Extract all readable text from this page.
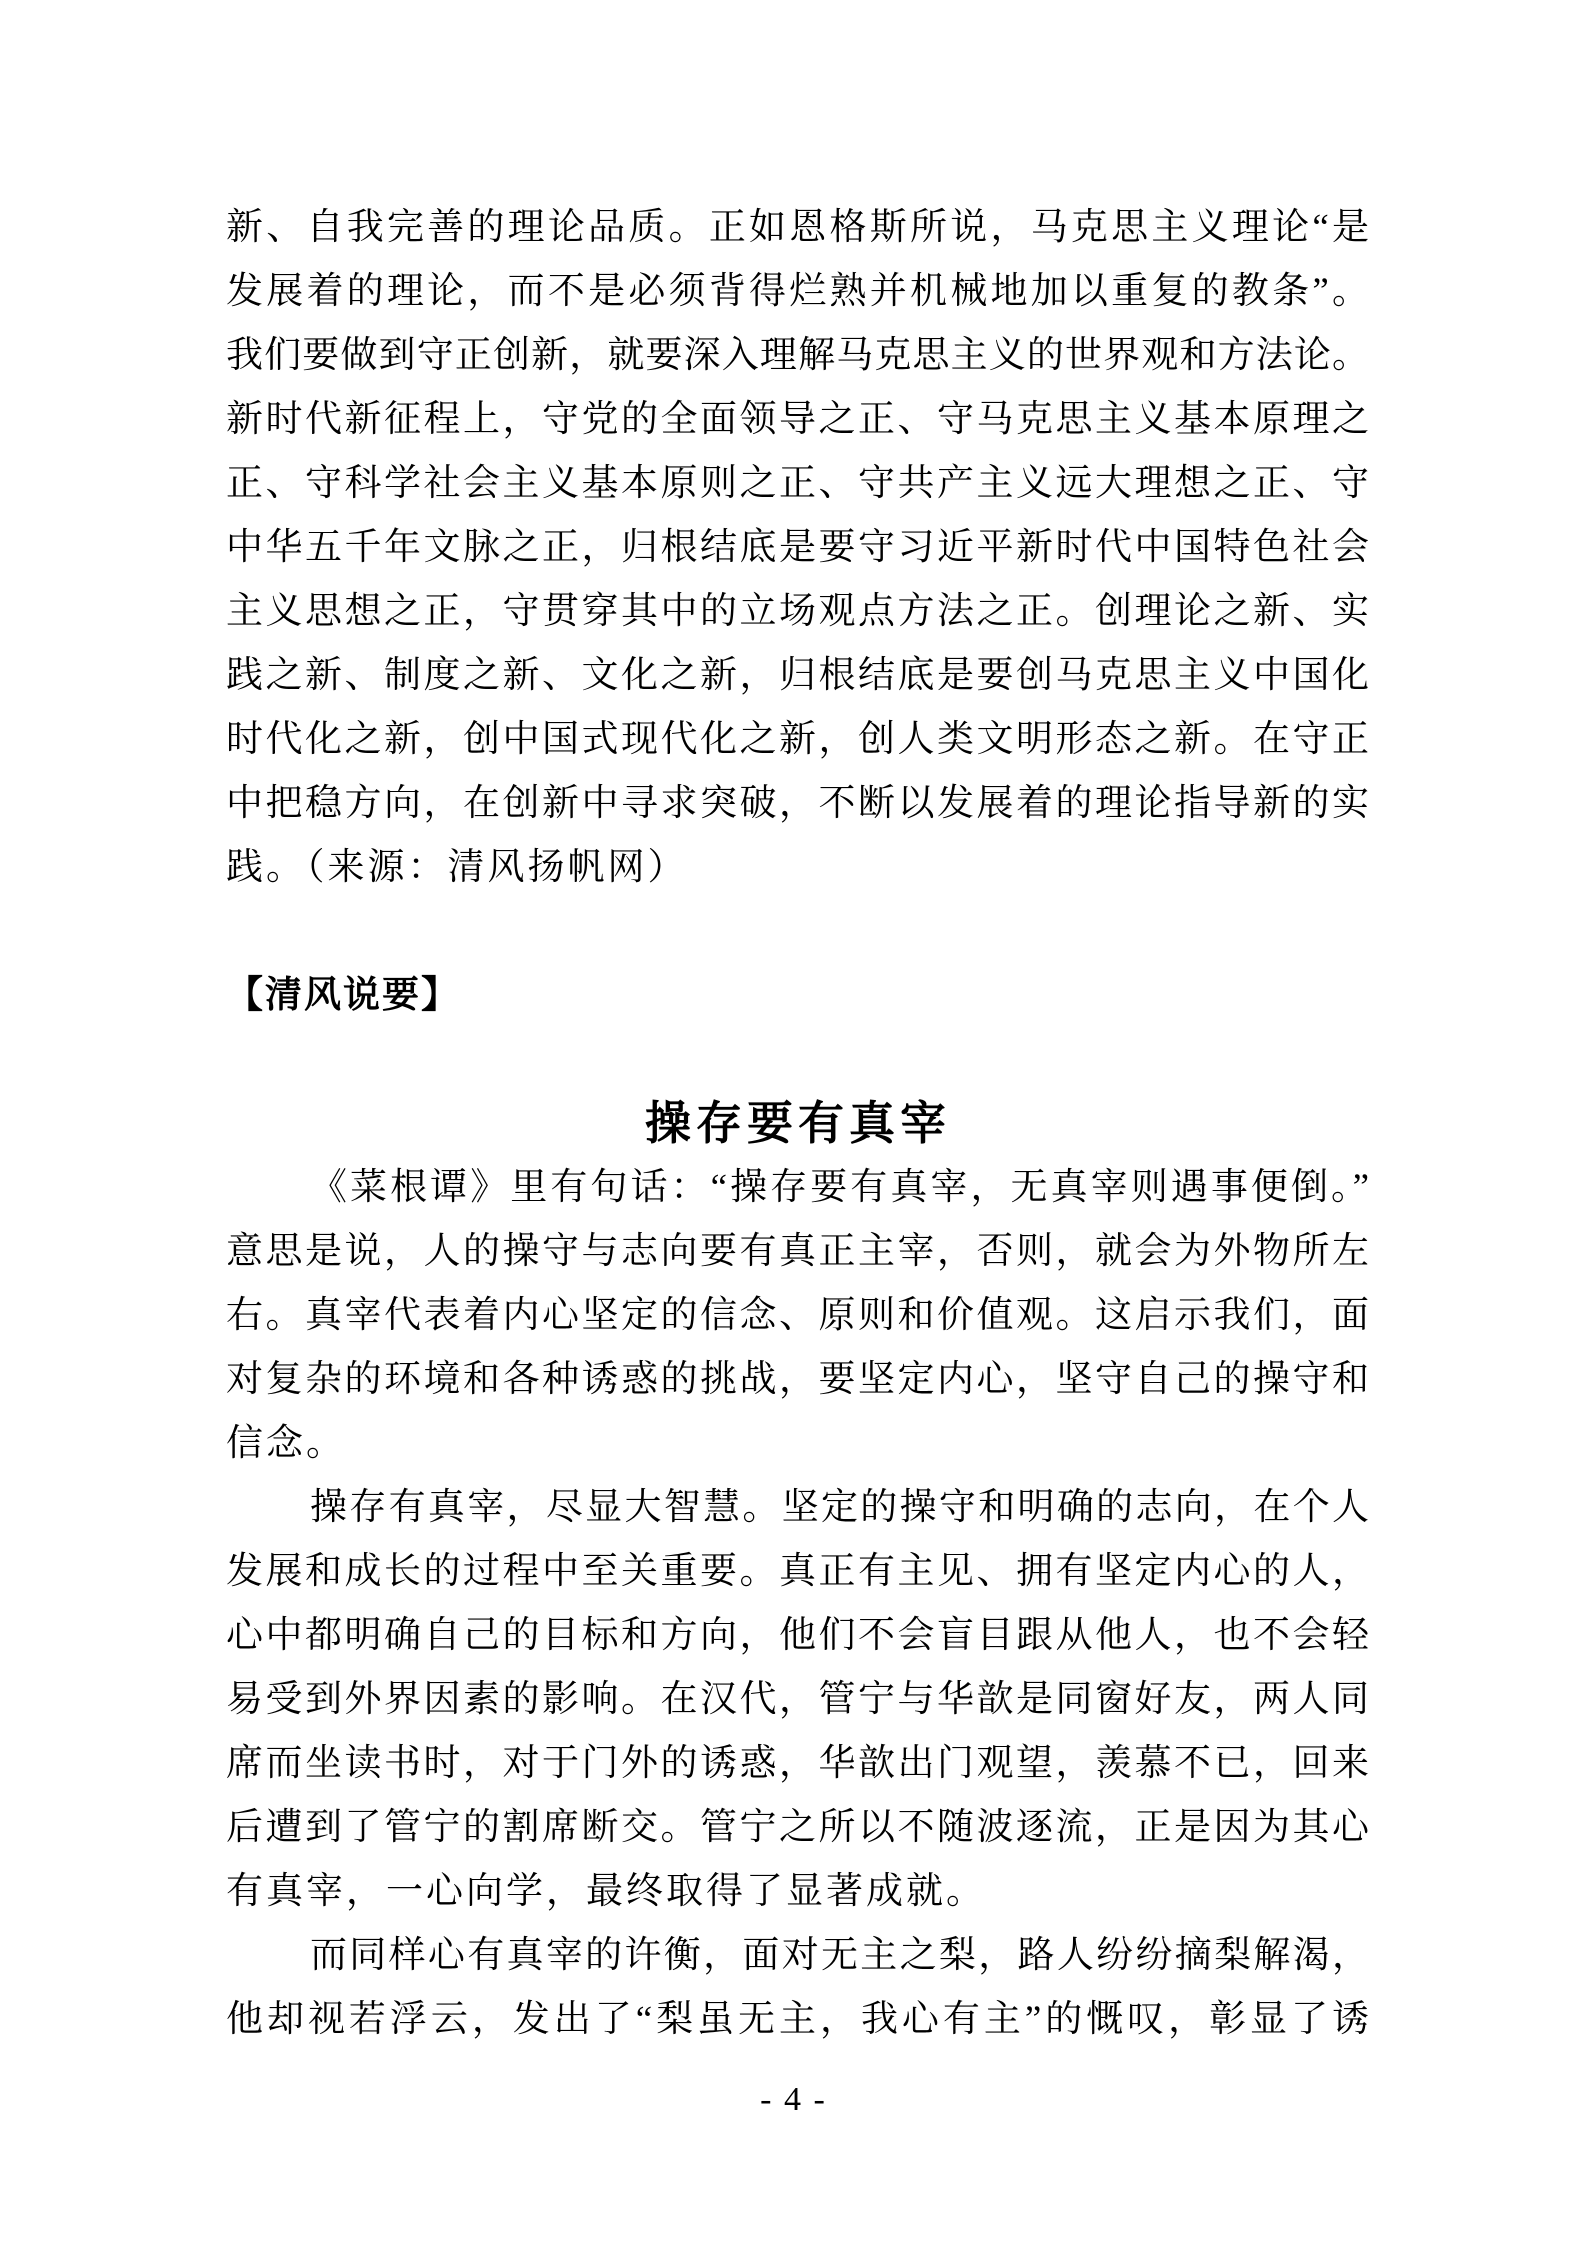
新、自我完善的理论品质。正如恩格斯所说，马克思主义理论“是
发展着的理论，而不是必须背得烂熟并机械地加以重复的教条”。
我们要做到守正创新，就要深入理解马克思主义的世界观和方法论。
新时代新征程上，守党的全面领导之正、守马克思主义基本原理之
正、守科学社会主义基本原则之正、守共产主义远大理想之正、守
中华五千年文脉之正，归根结底是要守习近平新时代中国特色社会
主义思想之正，守贯穿其中的立场观点方法之正。创理论之新、实
践之新、制度之新、文化之新，归根结底是要创马克思主义中国化
时代化之新，创中国式现代化之新，创人类文明形态之新。在守正
中把稳方向，在创新中寻求突破，不断以发展着的理论指导新的实
践。（来源：清风扬帆网）
【清风说要】
操存要有真宰
《菜根谭》里有句话：“操存要有真宰，无真宰则遇事便倒。”
意思是说，人的操守与志向要有真正主宰，否则，就会为外物所左
右。真宰代表着内心坚定的信念、原则和价值观。这启示我们，面
对复杂的环境和各种诱惑的挑战，要坚定内心，坚守自己的操守和
信念。
操存有真宰，尽显大智慧。坚定的操守和明确的志向，在个人
发展和成长的过程中至关重要。真正有主见、拥有坚定内心的人，
心中都明确自己的目标和方向，他们不会盲目跟从他人，也不会轻
易受到外界因素的影响。在汉代，管宁与华歆是同窗好友，两人同
席而坐读书时，对于门外的诱惑，华歆出门观望，羡慕不已，回来
后遭到了管宁的割席断交。管宁之所以不随波逐流，正是因为其心
有真宰，一心向学，最终取得了显著成就。
而同样心有真宰的许衡，面对无主之梨，路人纷纷摘梨解渴，
他却视若浮云，发出了“梨虽无主，我心有主”的慨叹，彰显了诱
- 4 -
